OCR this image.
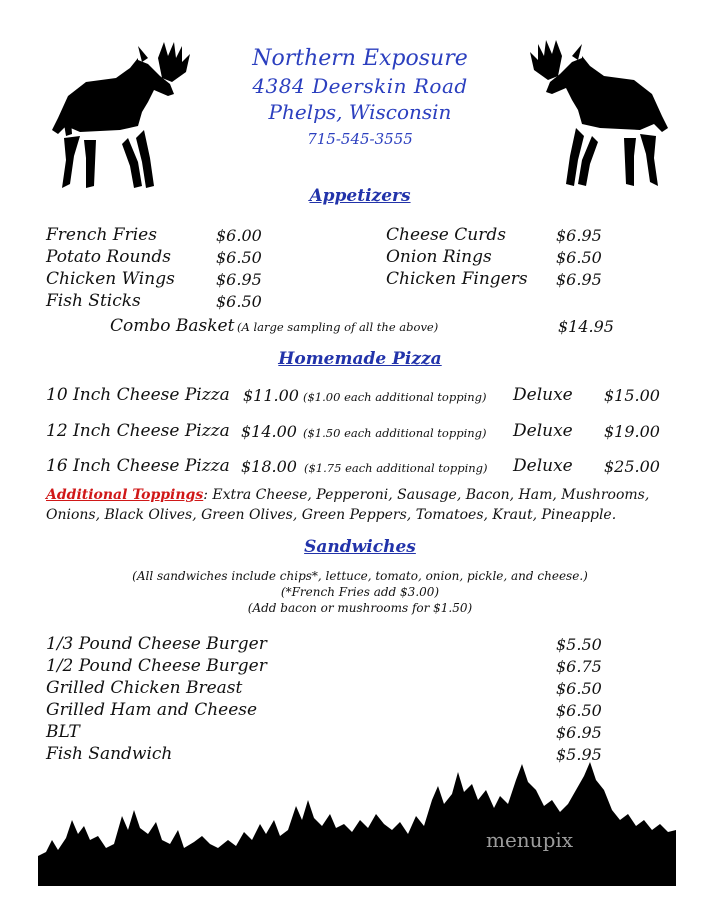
Northern Exposure
4384 Deerskin Road
Phelps, Wisconsin
715-545-3555
Appetizers
French Fries	$6.00
Potato Rounds	$6.50
Chicken Wings	$6.95
Fish Sticks	$6.50
Cheese Curds	$6.95
Onion Rings	$6.50
Chicken Fingers $6.95
Combo Basket (A large sampling of all the above)	$14.95
Homemade Pizza
10 Inch Cheese Pizza $11.00 ($1.00 each additional topping) Deluxe $15.00
12 Inch Cheese Pizza $14.00 ($1.50 each additional topping) Deluxe $19.00
16 Inch Cheese Pizza $18.00 ($1.75 each additional topping) Deluxe $25.00
Additional Toppings: Extra Cheese, Pepperoni, Sausage, Bacon, Ham, Mushrooms,
Onions, Black Olives, Green Olives, Green Peppers, Tomatoes, Kraut, Pineapple.
Sandwiches
(All sandwiches include chips*, lettuce, tomato, onion, pickle, and cheese.)
(*French Fries add $3.00)
(Add bacon or mushrooms for $1.50)
1/3 Pound Cheese Burger	$5.50
1/2 Pound Cheese Burger	$6.75
Grilled Chicken Breast	$6.50
Grilled Ham and Cheese	$6.50
BLT	$6.95
Fish Sandwich	$5.95
menupix
